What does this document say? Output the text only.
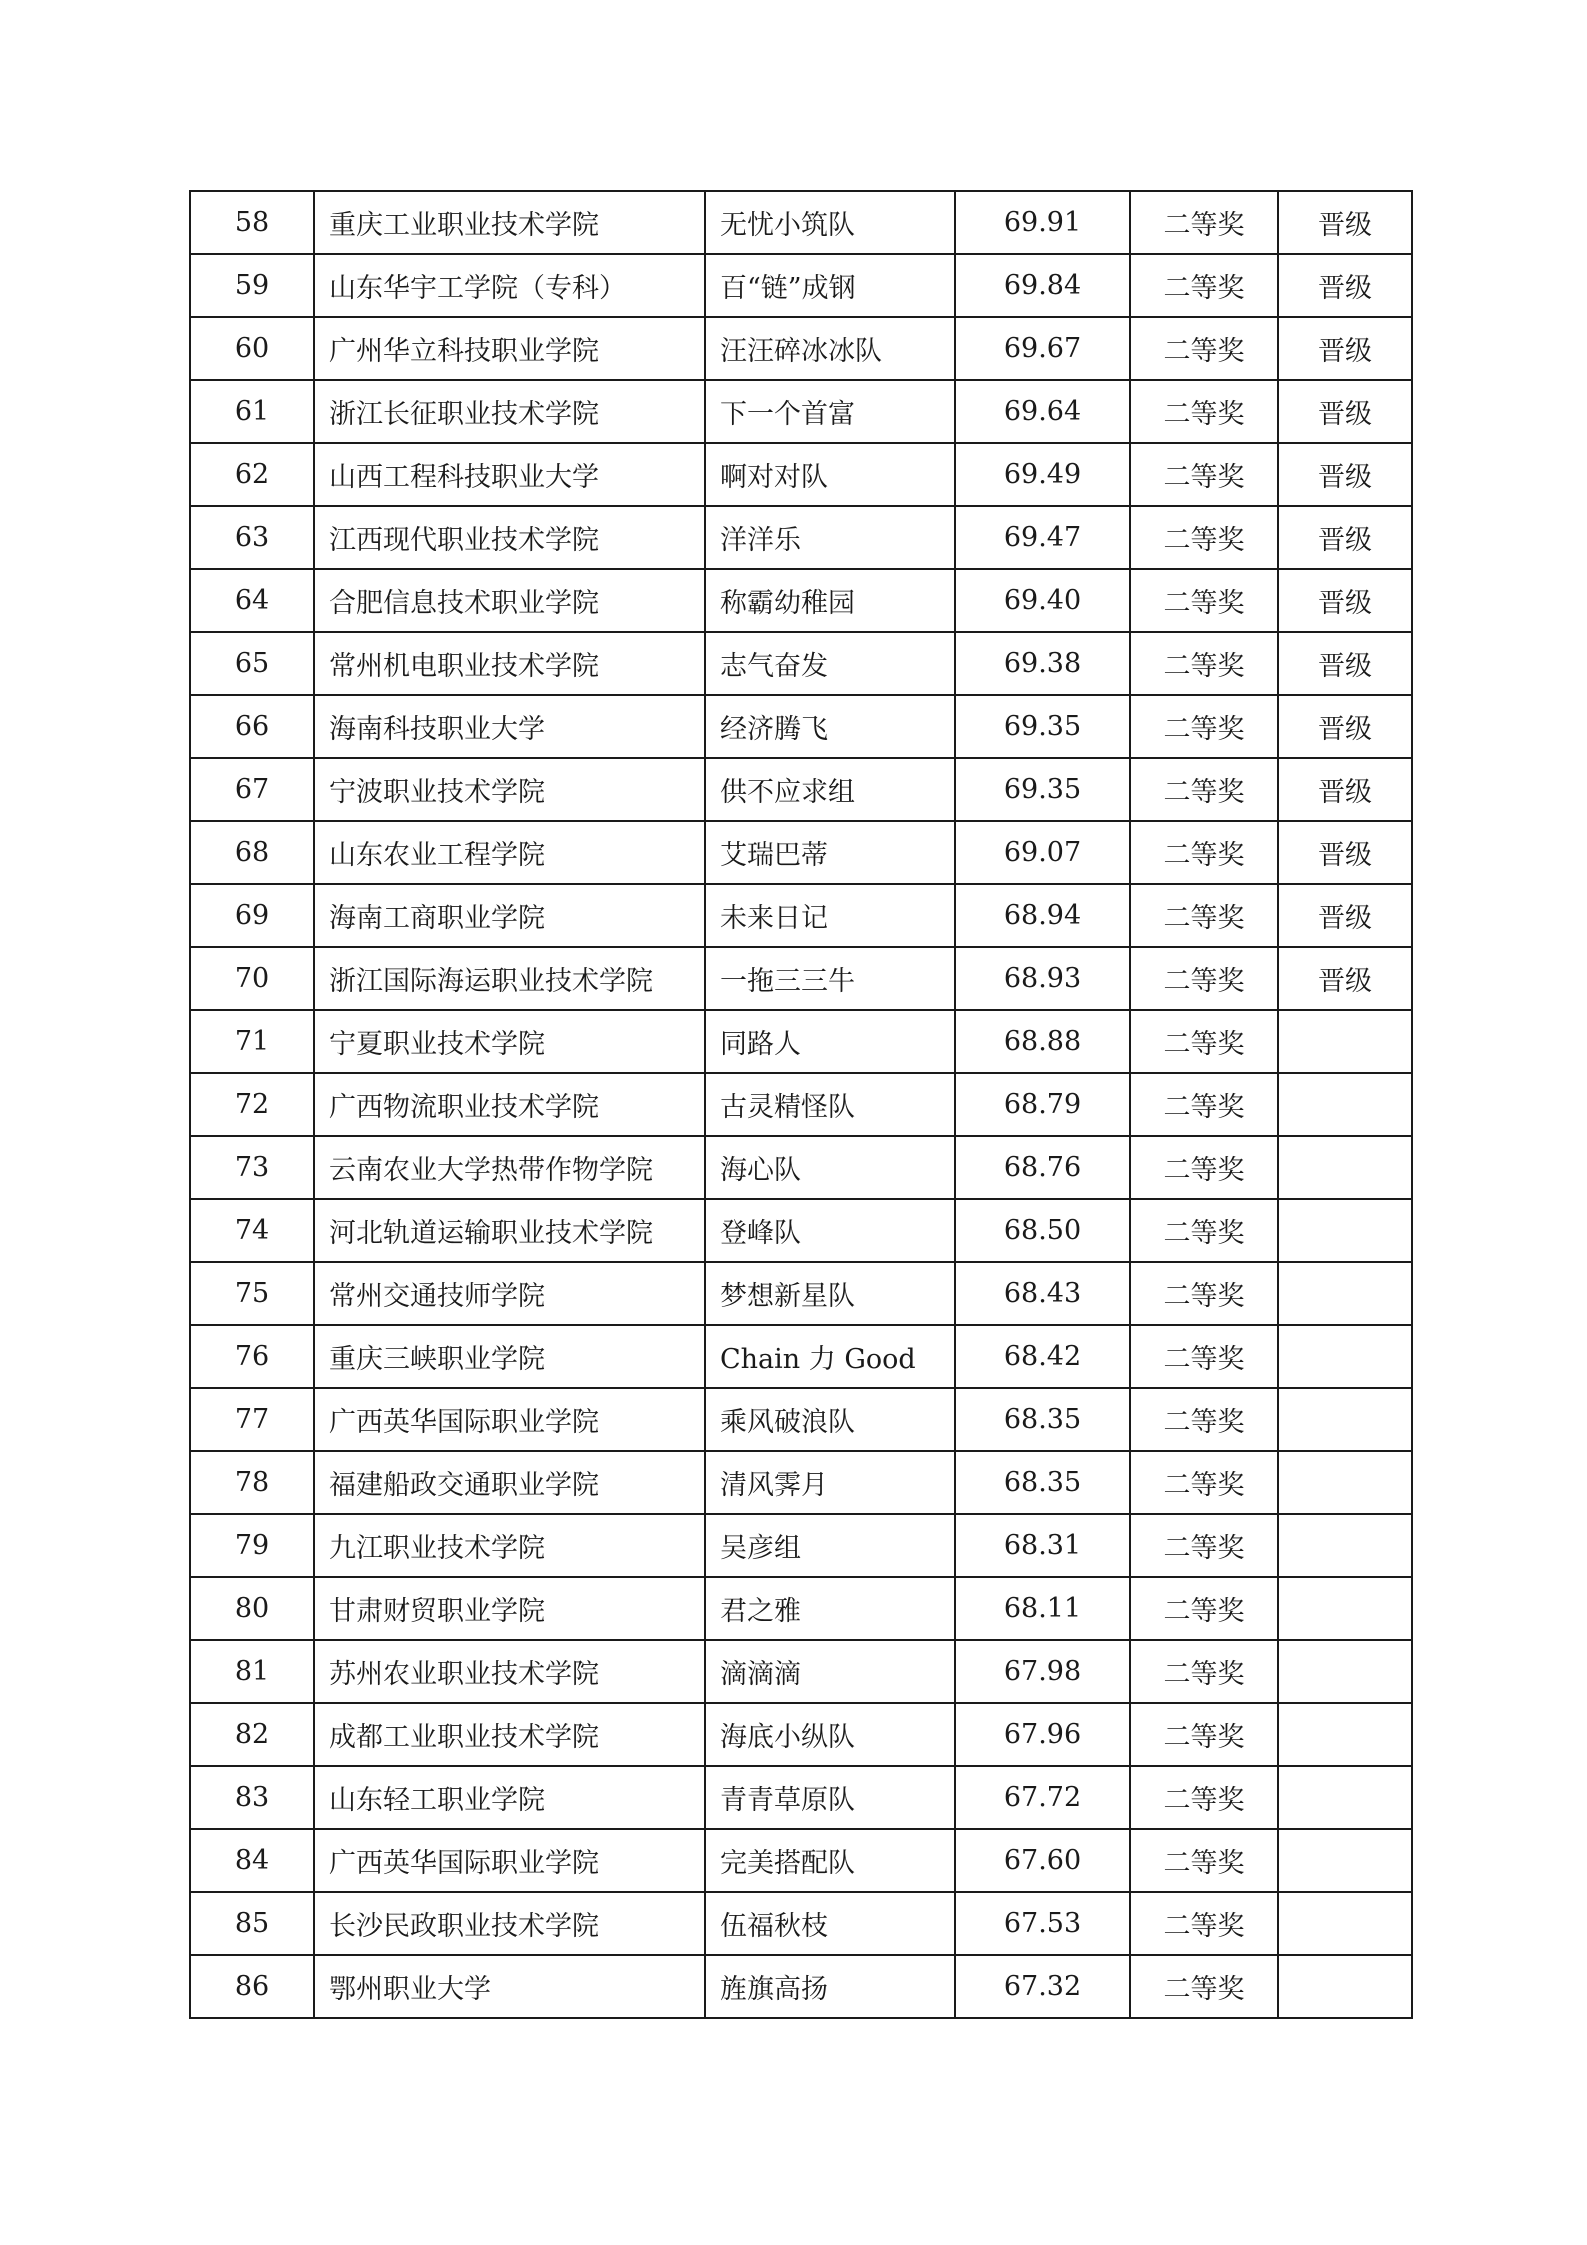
58	重庆工业职业技术学院	无忧小筑队	69.91	二等奖	晋级
59	山东华宇工学院（专科）	百“链”成钢	69.84	二等奖	晋级
60	广州华立科技职业学院	汪汪碎冰冰队	69.67	二等奖	晋级
61	浙江长征职业技术学院	下一个首富	69.64	二等奖	晋级
62	山西工程科技职业大学	啊对对队	69.49	二等奖	晋级
63	江西现代职业技术学院	洋洋乐	69.47	二等奖	晋级
64	合肥信息技术职业学院	称霸幼稚园	69.40	二等奖	晋级
65	常州机电职业技术学院	志气奋发	69.38	二等奖	晋级
66	海南科技职业大学	经济腾飞	69.35	二等奖	晋级
67	宁波职业技术学院	供不应求组	69.35	二等奖	晋级
68	山东农业工程学院	艾瑞巴蒂	69.07	二等奖	晋级
69	海南工商职业学院	未来日记	68.94	二等奖	晋级
70	浙江国际海运职业技术学院	一拖三三牛	68.93	二等奖	晋级
71	宁夏职业技术学院	同路人	68.88	二等奖	
72	广西物流职业技术学院	古灵精怪队	68.79	二等奖	
73	云南农业大学热带作物学院	海心队	68.76	二等奖	
74	河北轨道运输职业技术学院	登峰队	68.50	二等奖	
75	常州交通技师学院	梦想新星队	68.43	二等奖	
76	重庆三峡职业学院	Chain 力 Good	68.42	二等奖	
77	广西英华国际职业学院	乘风破浪队	68.35	二等奖	
78	福建船政交通职业学院	清风霁月	68.35	二等奖	
79	九江职业技术学院	吴彦组	68.31	二等奖	
80	甘肃财贸职业学院	君之雅	68.11	二等奖	
81	苏州农业职业技术学院	滴滴滴	67.98	二等奖	
82	成都工业职业技术学院	海底小纵队	67.96	二等奖	
83	山东轻工职业学院	青青草原队	67.72	二等奖	
84	广西英华国际职业学院	完美搭配队	67.60	二等奖	
85	长沙民政职业技术学院	伍福秋枝	67.53	二等奖	
86	鄂州职业大学	旌旗高扬	67.32	二等奖	
